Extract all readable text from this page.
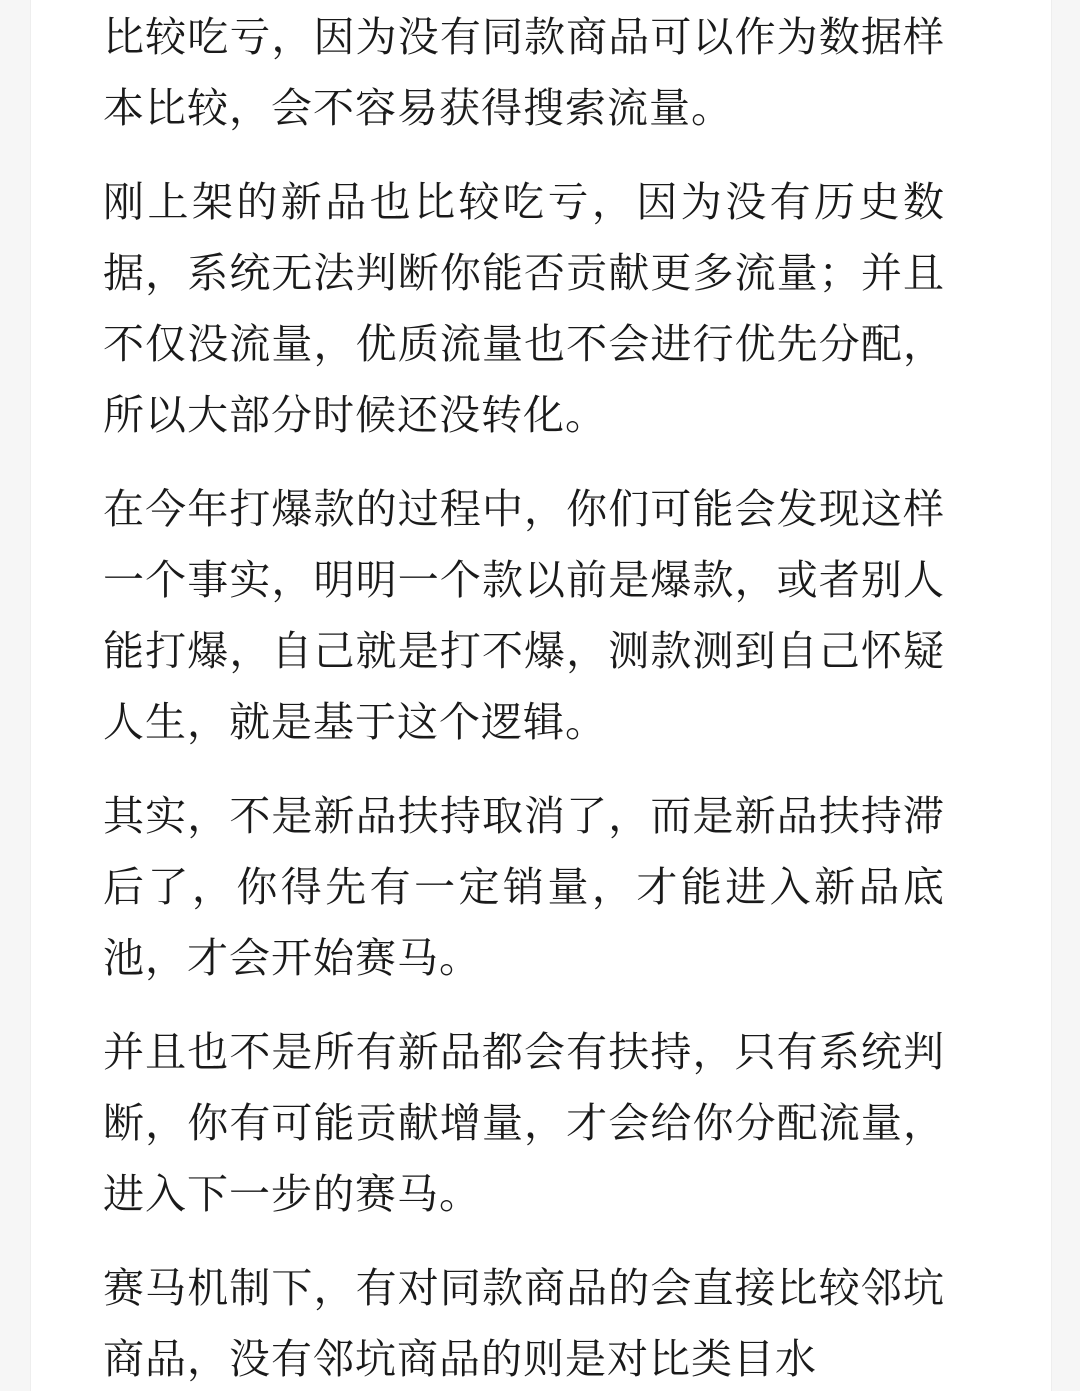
比较吃亏，因为没有同款商品可以作为数据样本比较，会不容易获得搜索流量。

刚上架的新品也比较吃亏，因为没有历史数据，系统无法判断你能否贡献更多流量；并且不仅没流量，优质流量也不会进行优先分配，所以大部分时候还没转化。

在今年打爆款的过程中，你们可能会发现这样一个事实，明明一个款以前是爆款，或者别人能打爆，自己就是打不爆，测款测到自己怀疑人生，就是基于这个逻辑。

其实，不是新品扶持取消了，而是新品扶持滞后了，你得先有一定销量，才能进入新品底池，才会开始赛马。

并且也不是所有新品都会有扶持，只有系统判断，你有可能贡献增量，才会给你分配流量，进入下一步的赛马。

赛马机制下，有对同款商品的会直接比较邻坑商品，没有邻坑商品的则是对比类目水
